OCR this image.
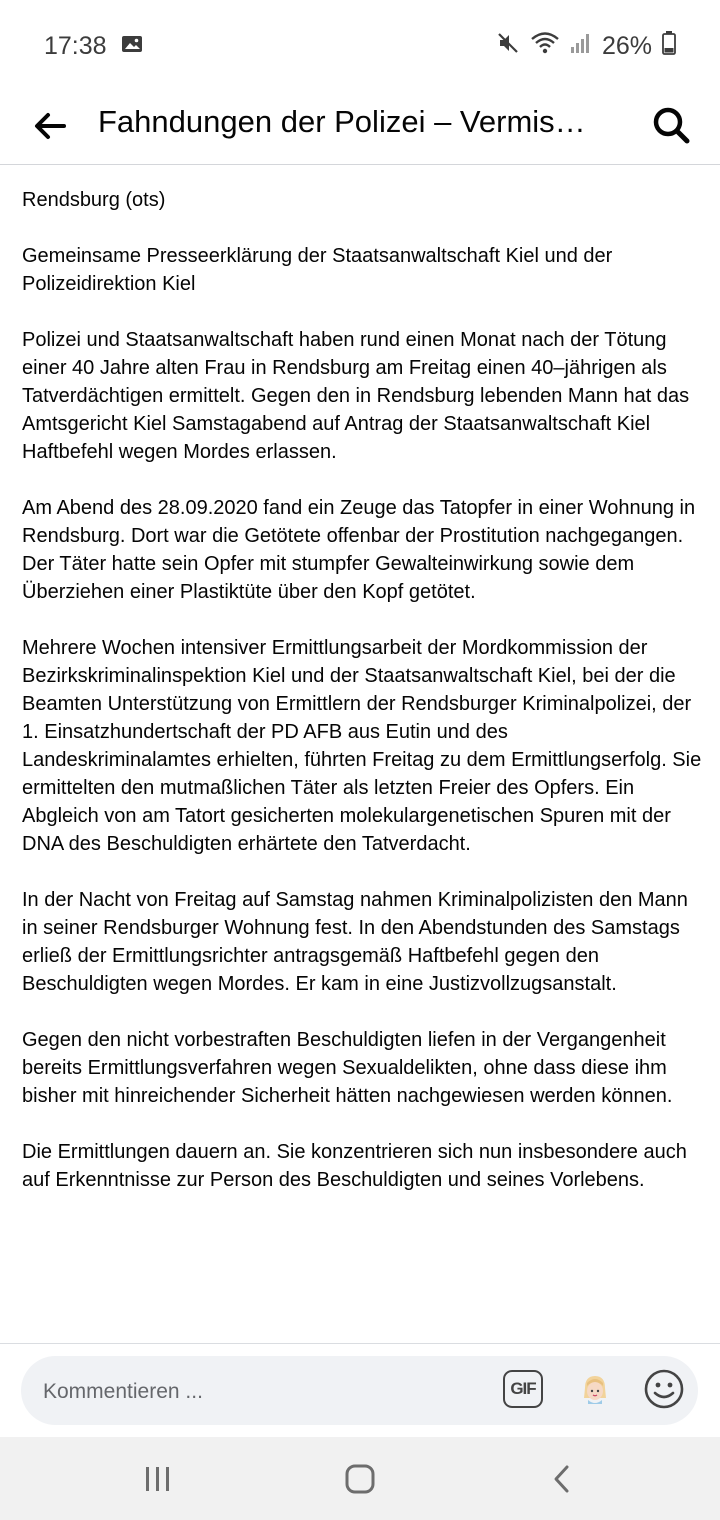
17:38	26%
Fahndungen der Polizei – Vermis…

Rendsburg (ots)

Gemeinsame Presseerklärung der Staatsanwaltschaft Kiel und der Polizeidirektion Kiel

Polizei und Staatsanwaltschaft haben rund einen Monat nach der Tötung einer 40 Jahre alten Frau in Rendsburg am Freitag einen 40–jährigen als Tatverdächtigen ermittelt. Gegen den in Rendsburg lebenden Mann hat das Amtsgericht Kiel Samstagabend auf Antrag der Staatsanwaltschaft Kiel Haftbefehl wegen Mordes erlassen.

Am Abend des 28.09.2020 fand ein Zeuge das Tatopfer in einer Wohnung in Rendsburg. Dort war die Getötete offenbar der Prostitution nachgegangen. Der Täter hatte sein Opfer mit stumpfer Gewalteinwirkung sowie dem Überziehen einer Plastiktüte über den Kopf getötet.

Mehrere Wochen intensiver Ermittlungsarbeit der Mordkommission der Bezirkskriminalinspektion Kiel und der Staatsanwaltschaft Kiel, bei der die Beamten Unterstützung von Ermittlern der Rendsburger Kriminalpolizei, der 1. Einsatzhundertschaft der PD AFB aus Eutin und des Landeskriminalamtes erhielten, führten Freitag zu dem Ermittlungserfolg. Sie ermittelten den mutmaßlichen Täter als letzten Freier des Opfers. Ein Abgleich von am Tatort gesicherten molekulargenetischen Spuren mit der DNA des Beschuldigten erhärtete den Tatverdacht.

In der Nacht von Freitag auf Samstag nahmen Kriminalpolizisten den Mann in seiner Rendsburger Wohnung fest. In den Abendstunden des Samstags erließ der Ermittlungsrichter antragsgemäß Haftbefehl gegen den Beschuldigten wegen Mordes. Er kam in eine Justizvollzugsanstalt.

Gegen den nicht vorbestraften Beschuldigten liefen in der Vergangenheit bereits Ermittlungsverfahren wegen Sexualdelikten, ohne dass diese ihm bisher mit hinreichender Sicherheit hätten nachgewiesen werden können.

Die Ermittlungen dauern an. Sie konzentrieren sich nun insbesondere auch auf Erkenntnisse zur Person des Beschuldigten und seines Vorlebens.

Kommentieren ...
GIF
